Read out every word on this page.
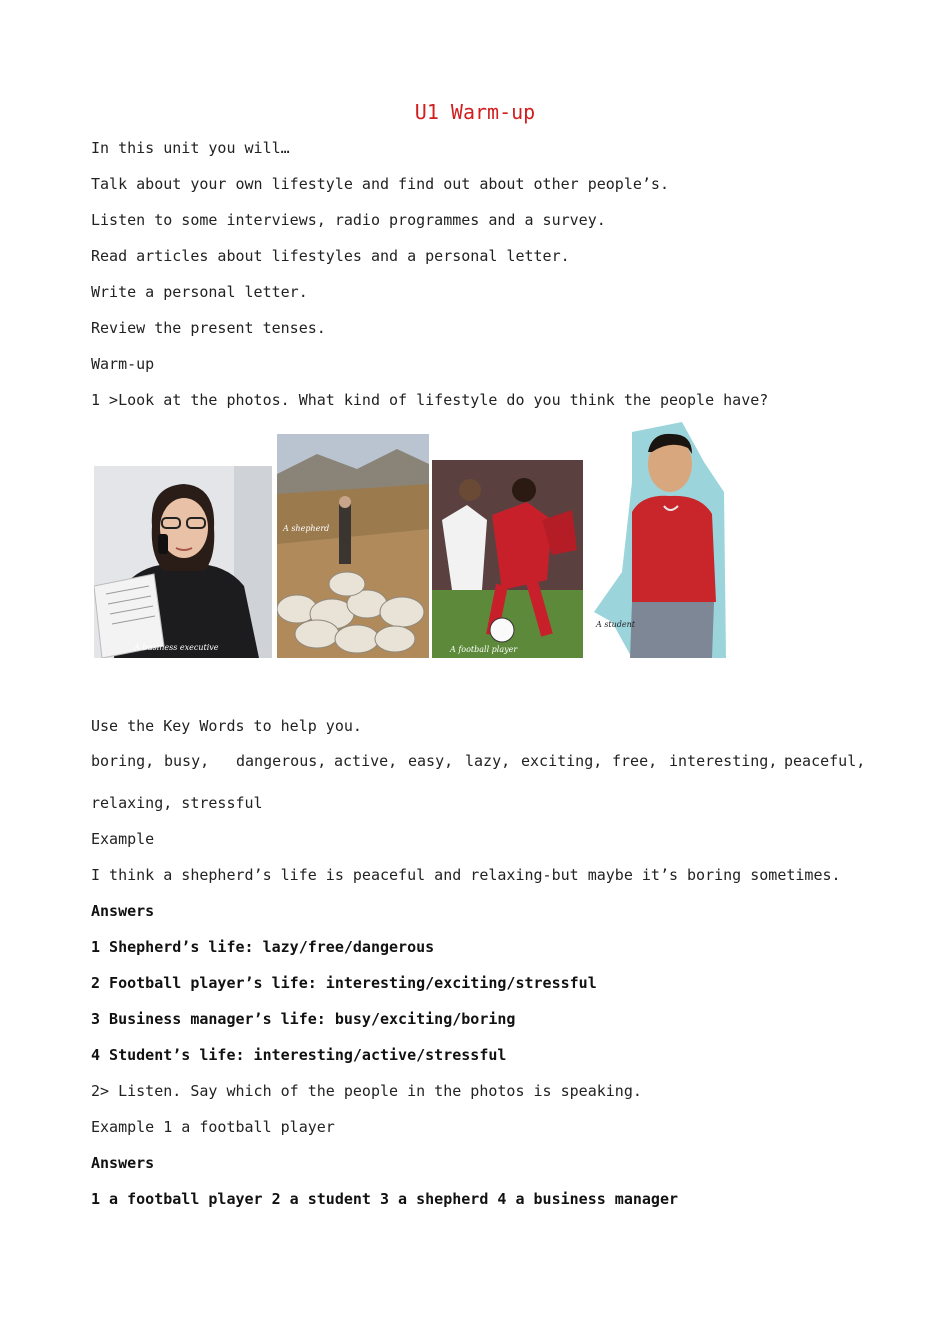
U1 Warm-up
In this unit you will…
Talk about your own lifestyle and find out about other people’s.
Listen to some interviews, radio programmes and a survey.
Read articles about lifestyles and a personal letter.
Write a personal letter.
Review the present tenses.
Warm-up
1 >Look at the photos. What kind of lifestyle do you think the people have?
A business executive
A shepherd
A football player
A student
Use the Key Words to help you.
boring, busy, dangerous, active, easy, lazy, exciting, free, interesting, peaceful,
relaxing, stressful
Example
I think a shepherd’s life is peaceful and relaxing-but maybe it’s boring sometimes.
Answers
1 Shepherd’s life: lazy/free/dangerous
2 Football player’s life: interesting/exciting/stressful
3 Business manager’s life: busy/exciting/boring
4 Student’s life: interesting/active/stressful
2> Listen. Say which of the people in the photos is speaking.
Example 1 a football player
Answers
1 a football player 2 a student 3 a shepherd 4 a business manager
